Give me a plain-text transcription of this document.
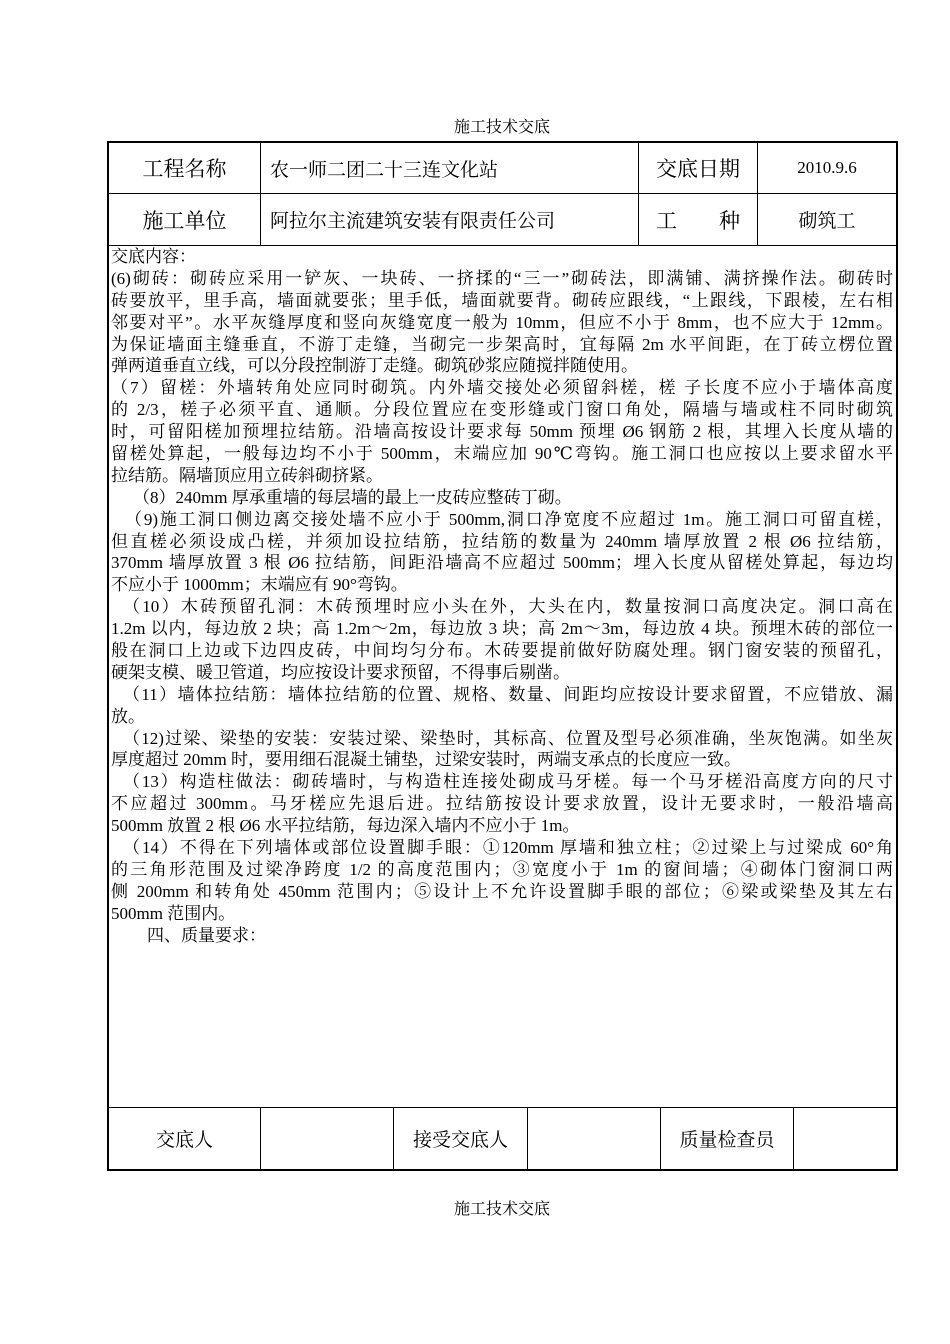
施工技术交底
工程名称	农一师二团二十三连文化站	交底日期	2010.9.6
施工单位	阿拉尔主流建筑安装有限责任公司	工　　种	砌筑工
交底内容：
(6)砌砖：砌砖应采用一铲灰、一块砖、一挤揉的“三一”砌砖法，即满铺、满挤操作法。砌砖时
砖要放平，里手高，墙面就要张；里手低，墙面就要背。砌砖应跟线，“上跟线，下跟棱，左右相
邻要对平”。水平灰缝厚度和竖向灰缝宽度一般为 10mm，但应不小于 8mm，也不应大于 12mm。
为保证墙面主缝垂直，不游丁走缝，当砌完一步架高时，宜每隔 2m 水平间距，在丁砖立楞位置
弹两道垂直立线，可以分段控制游丁走缝。砌筑砂浆应随搅拌随使用。
（7）留槎：外墙转角处应同时砌筑。内外墙交接处必须留斜槎，槎 子长度不应小于墙体高度
的 2/3，槎子必须平直、通顺。分段位置应在变形缝或门窗口角处，隔墙与墙或柱不同时砌筑
时，可留阳槎加预埋拉结筋。沿墙高按设计要求每 50mm 预埋 Ø6 钢筋 2 根，其埋入长度从墙的
留槎处算起，一般每边均不小于 500mm，末端应加 90℃弯钩。施工洞口也应按以上要求留水平
拉结筋。隔墙顶应用立砖斜砌挤紧。
（8）240mm 厚承重墙的每层墙的最上一皮砖应整砖丁砌。
（9)施工洞口侧边离交接处墙不应小于 500mm,洞口净宽度不应超过 1m。施工洞口可留直槎，
但直槎必须设成凸槎，并须加设拉结筋，拉结筋的数量为 240mm 墙厚放置 2 根 Ø6 拉结筋，
370mm 墙厚放置 3 根 Ø6 拉结筋，间距沿墙高不应超过 500mm；埋入长度从留槎处算起，每边均
不应小于 1000mm；末端应有 90°弯钩。
（10）木砖预留孔洞：木砖预埋时应小头在外，大头在内，数量按洞口高度决定。洞口高在
1.2m 以内，每边放 2 块；高 1.2m～2m，每边放 3 块；高 2m～3m，每边放 4 块。预埋木砖的部位一
般在洞口上边或下边四皮砖，中间均匀分布。木砖要提前做好防腐处理。钢门窗安装的预留孔，
硬架支模、暖卫管道，均应按设计要求预留，不得事后剔凿。
（11）墙体拉结筋：墙体拉结筋的位置、规格、数量、间距均应按设计要求留置，不应错放、漏
放。
（12)过梁、梁垫的安装：安装过梁、梁垫时，其标高、位置及型号必须准确，坐灰饱满。如坐灰
厚度超过 20mm 时，要用细石混凝土铺垫，过梁安装时，两端支承点的长度应一致。
（13）构造柱做法：砌砖墙时，与构造柱连接处砌成马牙槎。每一个马牙槎沿高度方向的尺寸
不应超过 300mm。马牙槎应先退后进。拉结筋按设计要求放置，设计无要求时，一般沿墙高
500mm 放置 2 根 Ø6 水平拉结筋，每边深入墙内不应小于 1m。
（14）不得在下列墙体或部位设置脚手眼：①120mm 厚墙和独立柱；②过梁上与过梁成 60°角
的三角形范围及过梁净跨度 1/2 的高度范围内；③宽度小于 1m 的窗间墙；④砌体门窗洞口两
侧 200mm 和转角处 450mm 范围内；⑤设计上不允许设置脚手眼的部位；⑥梁或梁垫及其左右
500mm 范围内。
四、质量要求：
交底人	接受交底人	质量检查员
施工技术交底
